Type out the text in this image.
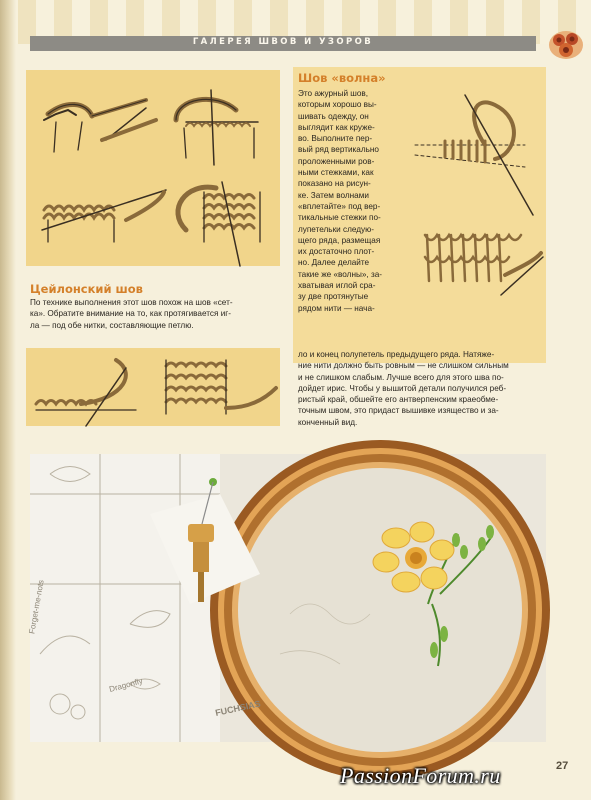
ГАЛЕРЕЯ ШВОВ И УЗОРОВ
Цейлонский шов
По технике выполнения этот шов похож на шов «сет-
ка». Обратите внимание на то, как протягивается иг-
ла — под обе нитки, составляющие петлю.
Шов «волна»
Это ажурный шов,
которым хорошо вы-
шивать одежду, он
выглядит как круже-
во. Выполните пер-
вый ряд вертикально
проложенными ров-
ными стежками, как
показано на рисун-
ке. Затем волнами
«вплетайте» под вер-
тикальные стежки по-
лупетельки следую-
щего ряда, размещая
их достаточно плот-
но. Далее делайте
такие же «волны», за-
хватывая иглой сра-
зу две протянутые
рядом нити — нача-
ло и конец полупетель предыдущего ряда. Натяже-
ние нити должно быть ровным — не слишком сильным
и не слишком слабым. Лучше всего для этого шва по-
дойдет ирис. Чтобы у вышитой детали получился реб-
ристый край, обшейте его антверпенским краеобме-
точным швом, это придаст вышивке изящество и за-
конченный вид.
Forget-me-nots
Dragonfly
FUCHSIAS
27
PassionForum.ru
